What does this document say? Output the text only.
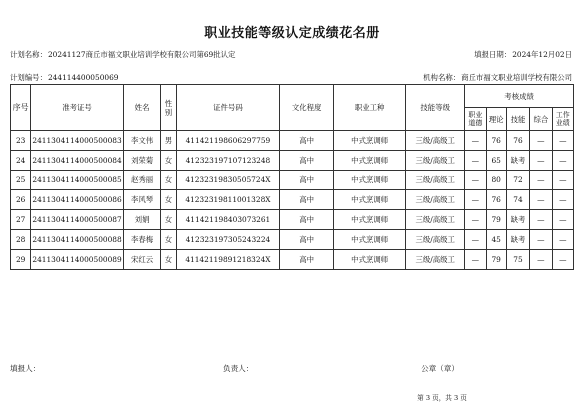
职业技能等级认定成绩花名册
计划名称：20241127商丘市福文职业培训学校有限公司第69批认定	填报日期：2024年12月02日
计划编号：24411440005006​9	机构名称：商丘市福文职业培训学校有限公司
序号	准考证号	姓名	性别	证件号码	文化程度	职业工种	技能等级	考核成绩				
								职业道德	理论	技能	综合	工作业绩
23	2411304114000500083	李文伟	男	411421198606297759	高中	中式烹调师	三级/高级工	—	76	76	—	—
24	2411304114000500084	刘荣菊	女	412323197107123248	高中	中式烹调师	三级/高级工	—	65	缺考	—	—
25	2411304114000500085	赵秀丽	女	41232319830505724X	高中	中式烹调师	三级/高级工	—	80	72	—	—
26	2411304114000500086	李风琴	女	41232319811001328X	高中	中式烹调师	三级/高级工	—	76	74	—	—
27	2411304114000500087	刘娟	女	411421198403073261	高中	中式烹调师	三级/高级工	—	79	缺考	—	—
28	2411304114000500088	李春梅	女	412323197305243224	高中	中式烹调师	三级/高级工	—	45	缺考	—	—
29	2411304114000500089	宋红云	女	41142119891218324X	高中	中式烹调师	三级/高级工	—	79	75	—	—
填报人：	负责人：	公章（章）
第 3 页，共 3 页
